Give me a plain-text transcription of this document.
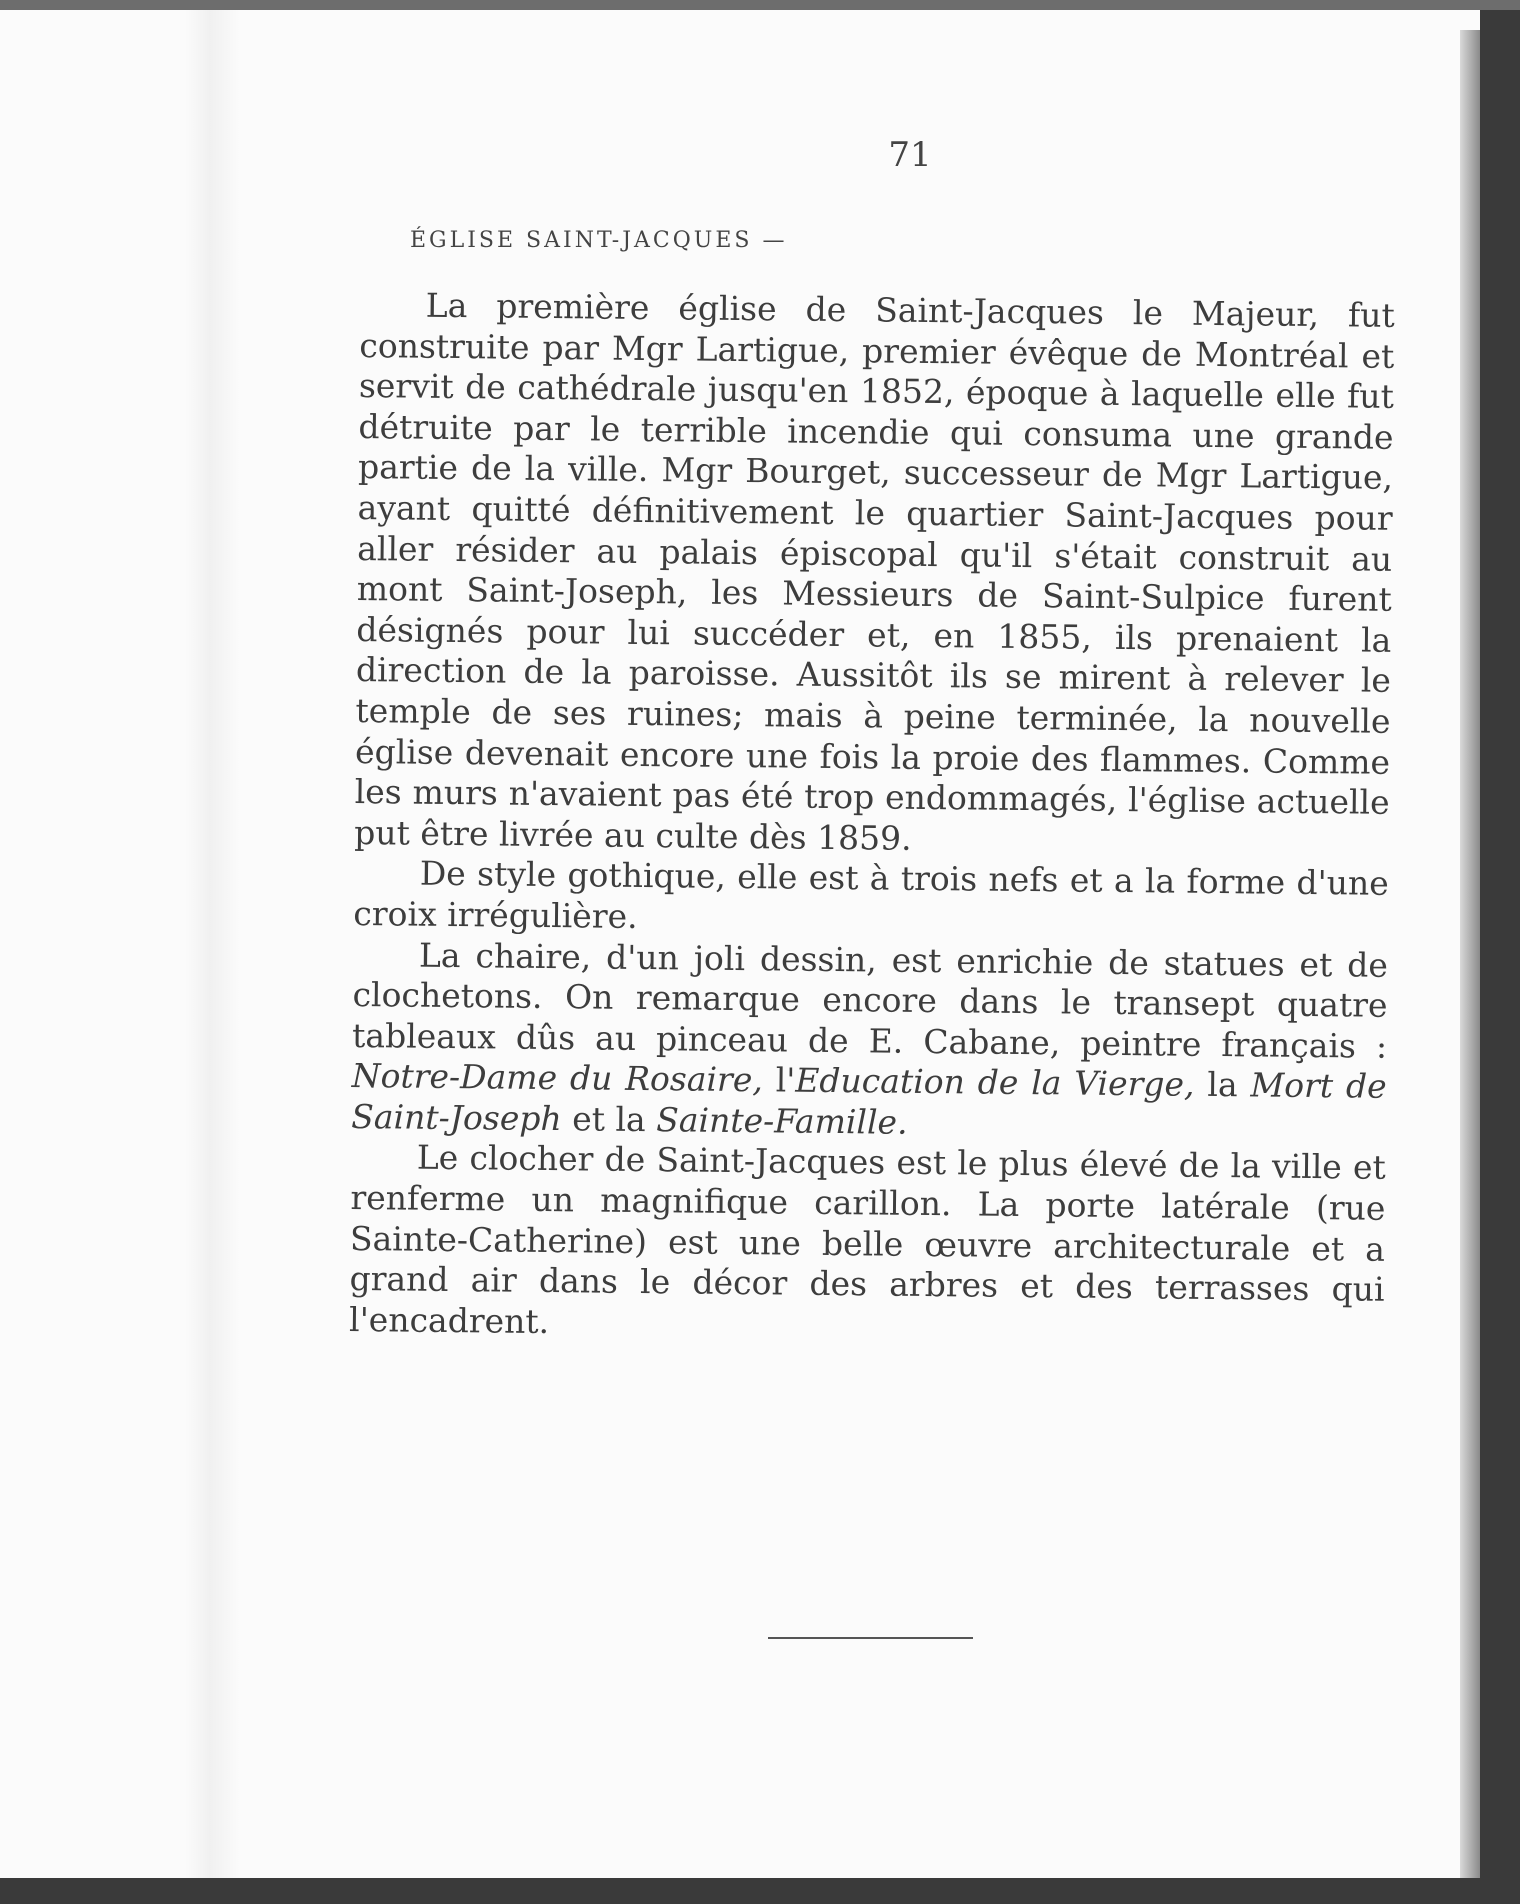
71
ÉGLISE SAINT-JACQUES —

La première église de Saint-Jacques le Majeur, fut construite par Mgr Lartigue, premier évêque de Montréal et servit de cathédrale jusqu'en 1852, époque à laquelle elle fut détruite par le terrible incendie qui consuma une grande partie de la ville. Mgr Bourget, successeur de Mgr Lartigue, ayant quitté définitivement le quartier Saint-Jacques pour aller résider au palais épiscopal qu'il s'était construit au mont Saint-Joseph, les Messieurs de Saint-Sulpice furent désignés pour lui succéder et, en 1855, ils prenaient la direction de la paroisse. Aussitôt ils se mirent à relever le temple de ses ruines; mais à peine terminée, la nouvelle église devenait encore une fois la proie des flammes. Comme les murs n'avaient pas été trop endommagés, l'église actuelle put être livrée au culte dès 1859.

De style gothique, elle est à trois nefs et a la forme d'une croix irrégulière.

La chaire, d'un joli dessin, est enrichie de statues et de clochetons. On remarque encore dans le transept quatre tableaux dûs au pinceau de E. Cabane, peintre français : Notre-Dame du Rosaire, l'Education de la Vierge, la Mort de Saint-Joseph et la Sainte-Famille.

Le clocher de Saint-Jacques est le plus élevé de la ville et renferme un magnifique carillon. La porte latérale (rue Sainte-Catherine) est une belle œuvre architecturale et a grand air dans le décor des arbres et des terrasses qui l'encadrent.
